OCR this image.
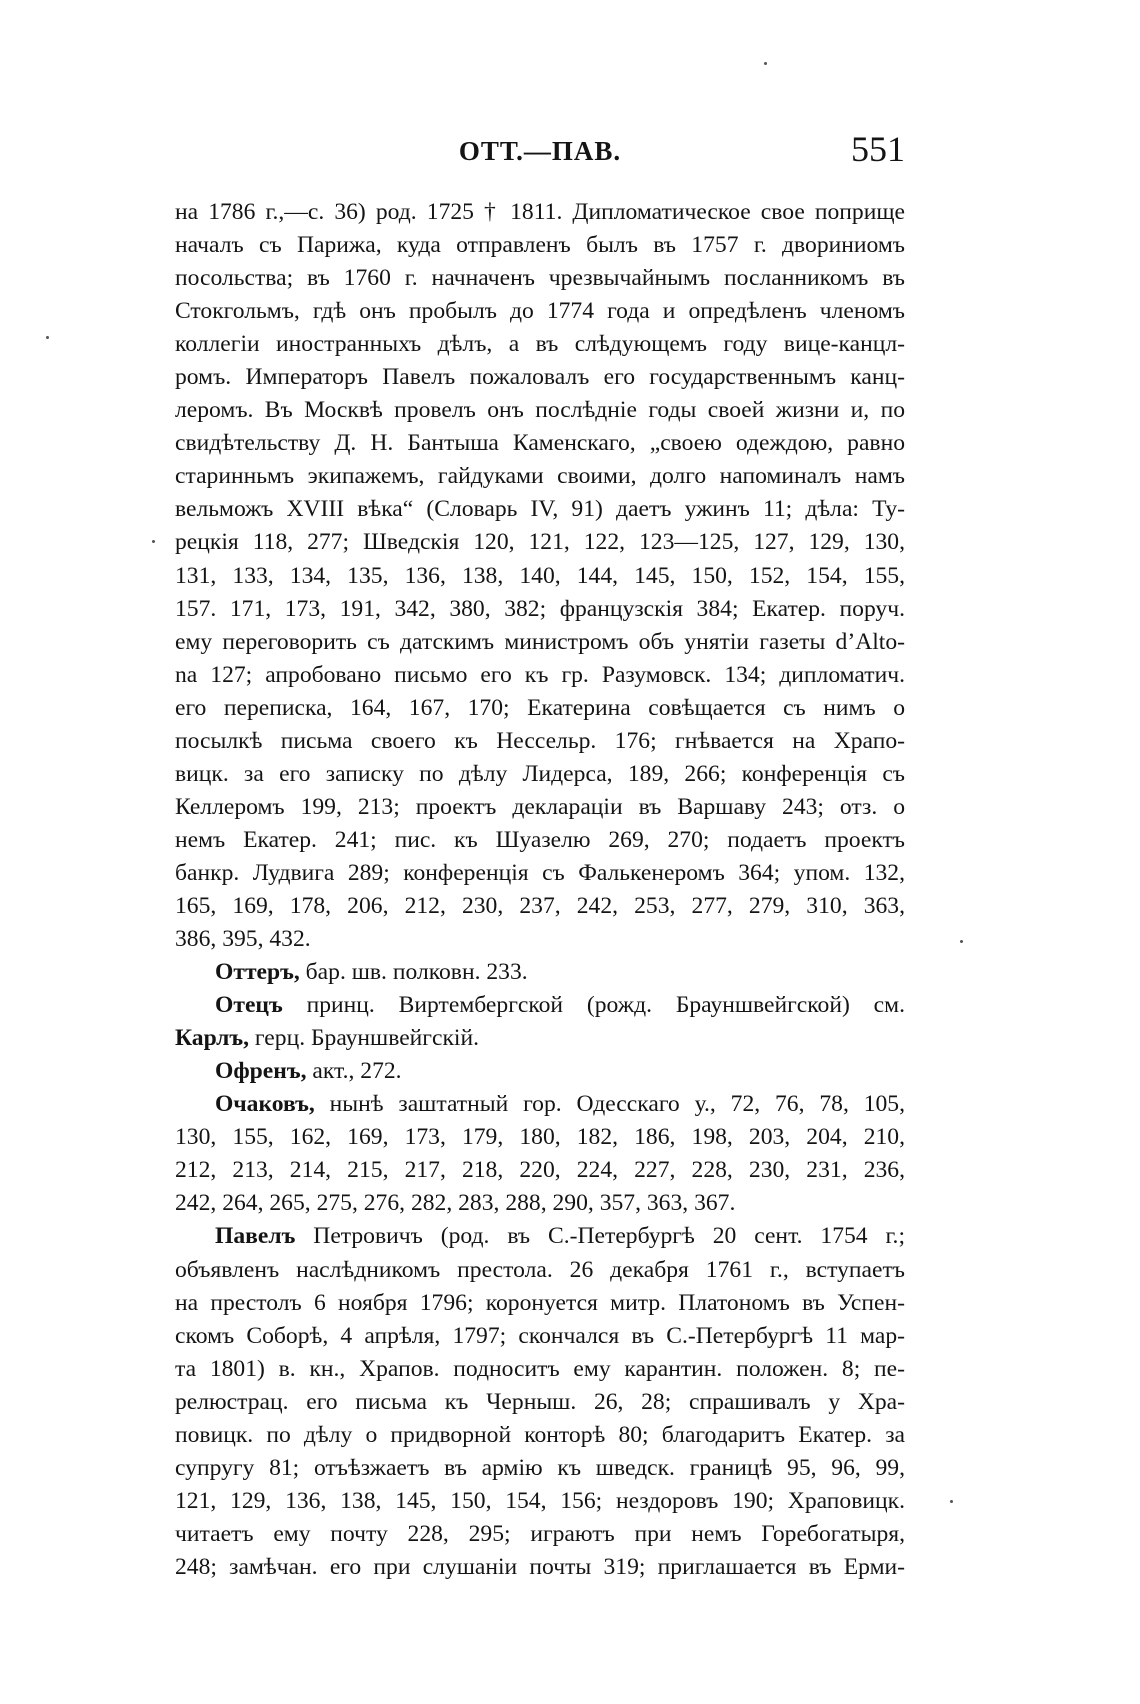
ОТТ.—ПАВ.	551
на 1786 г.,—с. 36) род. 1725 † 1811. Дипломатическое свое поприще
началъ съ Парижа, куда отправленъ былъ въ 1757 г. двориниомъ
посольства; въ 1760 г. начначенъ чрезвычайнымъ посланникомъ въ
Стокгольмъ, гдѣ онъ пробылъ до 1774 года и опредѣленъ членомъ
коллегіи иностранныхъ дѣлъ, а въ слѣдующемъ году вице-канцл-
ромъ. Императоръ Павелъ пожаловалъ его государственнымъ канц-
леромъ. Въ Москвѣ провелъ онъ послѣдніе годы своей жизни и, по
свидѣтельству Д. Н. Бантыша Каменскаго, „своею одеждою, равно
старинньмъ экипажемъ, гайдуками своими, долго напоминалъ намъ
вельможъ XVIII вѣка“ (Словарь IV, 91) даетъ ужинъ 11; дѣла: Ту-
рецкія 118, 277; Шведскія 120, 121, 122, 123—125, 127, 129, 130,
131, 133, 134, 135, 136, 138, 140, 144, 145, 150, 152, 154, 155,
157. 171, 173, 191, 342, 380, 382; французскія 384; Екатер. поруч.
ему переговорить съ датскимъ министромъ объ унятіи газеты d’Alto-
na 127; апробовано письмо его къ гр. Разумовск. 134; дипломатич.
его переписка, 164, 167, 170; Екатерина совѣщается съ нимъ о
посылкѣ письма своего къ Нессельр. 176; гнѣвается на Храпо-
вицк. за его записку по дѣлу Лидерса, 189, 266; конференція съ
Келлеромъ 199, 213; проектъ декларацiи въ Варшаву 243; отз. о
немъ Екатер. 241; пис. къ Шуазелю 269, 270; подаетъ проектъ
банкр. Лудвига 289; конференція съ Фалькенеромъ 364; упом. 132,
165, 169, 178, 206, 212, 230, 237, 242, 253, 277, 279, 310, 363,
386, 395, 432.
Оттеръ, бар. шв. полковн. 233.
Отецъ принц. Виртембергской (рожд. Брауншвейгской) см.
Карлъ, герц. Брауншвейгскій.
Офренъ, акт., 272.
Очаковъ, нынѣ заштатный гор. Одесскаго у., 72, 76, 78, 105,
130, 155, 162, 169, 173, 179, 180, 182, 186, 198, 203, 204, 210,
212, 213, 214, 215, 217, 218, 220, 224, 227, 228, 230, 231, 236,
242, 264, 265, 275, 276, 282, 283, 288, 290, 357, 363, 367.
Павелъ Петровичъ (род. въ С.-Петербургѣ 20 сент. 1754 г.;
объявленъ наслѣдникомъ престола. 26 декабря 1761 г., вступаетъ
на престолъ 6 ноября 1796; коронуется митр. Платономъ въ Успен-
скомъ Соборѣ, 4 апрѣля, 1797; скончался въ С.-Петербургѣ 11 мар-
та 1801) в. кн., Храпов. подноситъ ему карантин. положен. 8; пе-
релюстрац. его письма къ Черныш. 26, 28; спрашивалъ у Хра-
повицк. по дѣлу о придворной конторѣ 80; благодаритъ Екатер. за
супругу 81; отъѣзжаетъ въ армію къ шведск. границѣ 95, 96, 99,
121, 129, 136, 138, 145, 150, 154, 156; нездоровъ 190; Храповицк.
читаетъ ему почту 228, 295; играютъ при немъ Горебогатыря,
248; замѣчан. его при слушаніи почты 319; приглашается въ Ерми-
